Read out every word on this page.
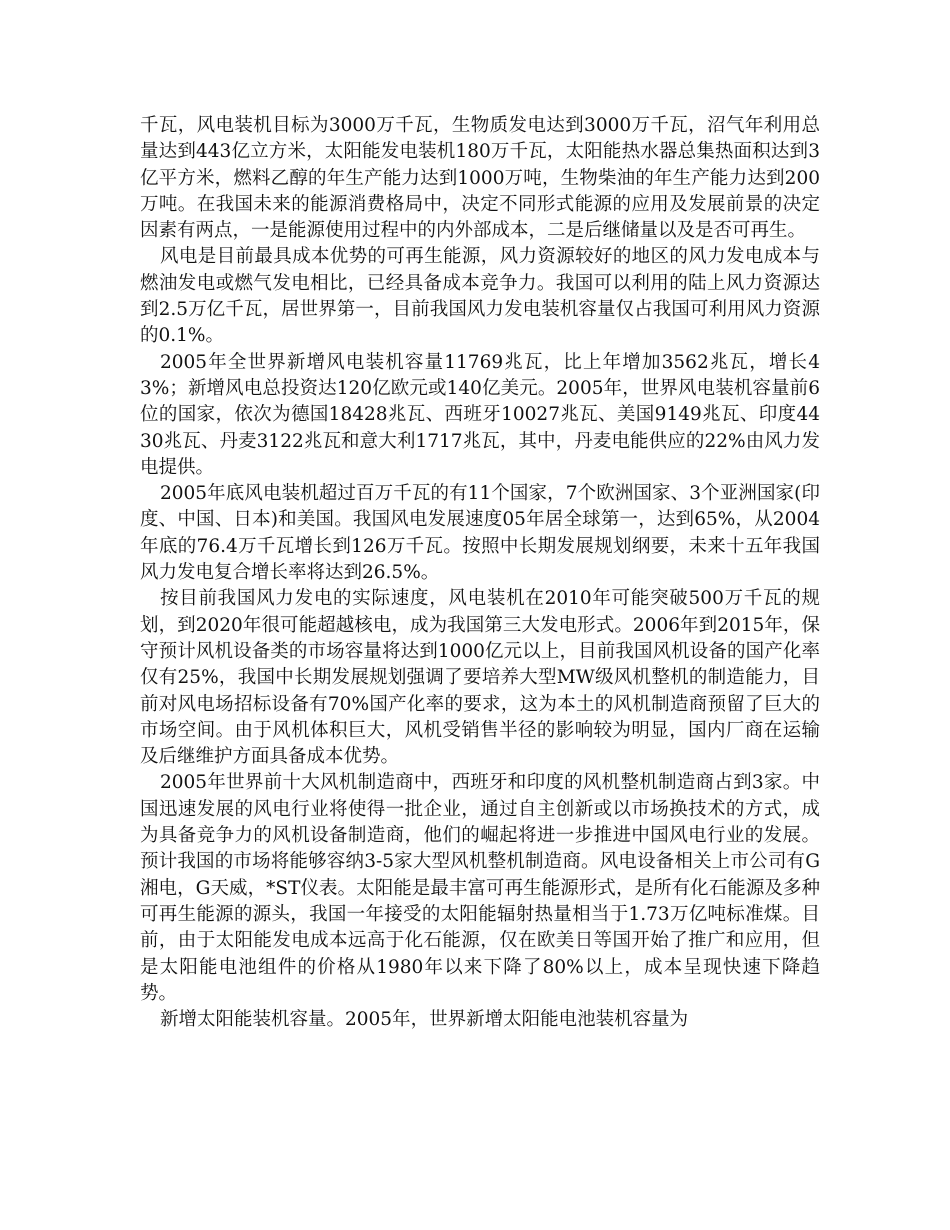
千瓦，风电装机目标为3000万千瓦，生物质发电达到3000万千瓦，沼气年利用总量达到443亿立方米，太阳能发电装机180万千瓦，太阳能热水器总集热面积达到3亿平方米，燃料乙醇的年生产能力达到1000万吨，生物柴油的年生产能力达到200万吨。在我国未来的能源消费格局中，决定不同形式能源的应用及发展前景的决定因素有两点，一是能源使用过程中的内外部成本，二是后继储量以及是否可再生。

风电是目前最具成本优势的可再生能源，风力资源较好的地区的风力发电成本与燃油发电或燃气发电相比，已经具备成本竞争力。我国可以利用的陆上风力资源达到2.5万亿千瓦，居世界第一，目前我国风力发电装机容量仅占我国可利用风力资源的0.1%。

2005年全世界新增风电装机容量11769兆瓦，比上年增加3562兆瓦，增长43%；新增风电总投资达120亿欧元或140亿美元。2005年，世界风电装机容量前6位的国家，依次为德国18428兆瓦、西班牙10027兆瓦、美国9149兆瓦、印度4430兆瓦、丹麦3122兆瓦和意大利1717兆瓦，其中，丹麦电能供应的22%由风力发电提供。

2005年底风电装机超过百万千瓦的有11个国家，7个欧洲国家、3个亚洲国家(印度、中国、日本)和美国。我国风电发展速度05年居全球第一，达到65%，从2004年底的76.4万千瓦增长到126万千瓦。按照中长期发展规划纲要，未来十五年我国风力发电复合增长率将达到26.5%。

按目前我国风力发电的实际速度，风电装机在2010年可能突破500万千瓦的规划，到2020年很可能超越核电，成为我国第三大发电形式。2006年到2015年，保守预计风机设备类的市场容量将达到1000亿元以上，目前我国风机设备的国产化率仅有25%，我国中长期发展规划强调了要培养大型MW级风机整机的制造能力，目前对风电场招标设备有70%国产化率的要求，这为本土的风机制造商预留了巨大的市场空间。由于风机体积巨大，风机受销售半径的影响较为明显，国内厂商在运输及后继维护方面具备成本优势。

2005年世界前十大风机制造商中，西班牙和印度的风机整机制造商占到3家。中国迅速发展的风电行业将使得一批企业，通过自主创新或以市场换技术的方式，成为具备竞争力的风机设备制造商，他们的崛起将进一步推进中国风电行业的发展。预计我国的市场将能够容纳3-5家大型风机整机制造商。风电设备相关上市公司有G湘电，G天威，*ST仪表。太阳能是最丰富可再生能源形式，是所有化石能源及多种可再生能源的源头，我国一年接受的太阳能辐射热量相当于1.73万亿吨标准煤。目前，由于太阳能发电成本远高于化石能源，仅在欧美日等国开始了推广和应用，但是太阳能电池组件的价格从1980年以来下降了80%以上，成本呈现快速下降趋势。

新增太阳能装机容量。2005年，世界新增太阳能电池装机容量为
